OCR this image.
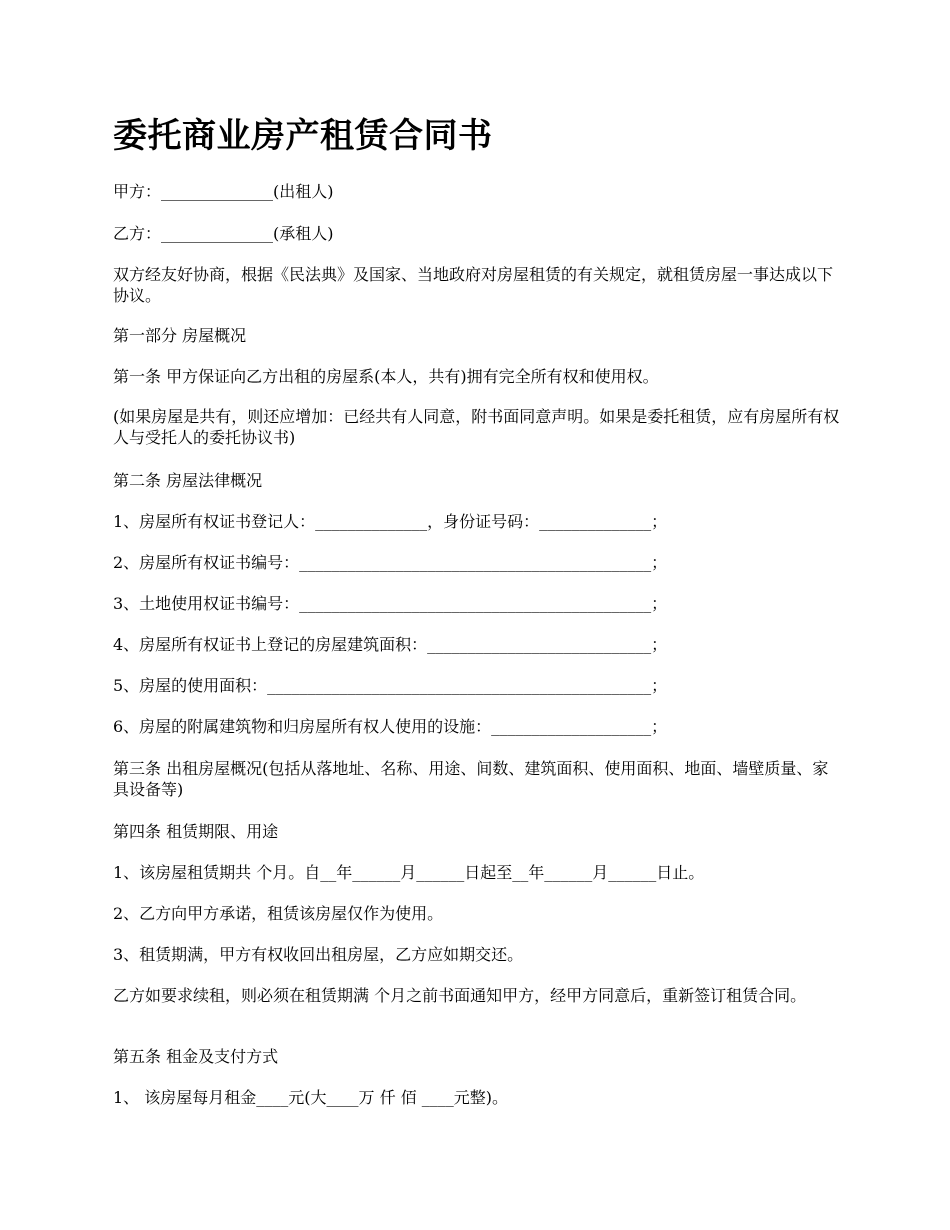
委托商业房产租赁合同书

甲方：______________(出租人)

乙方：______________(承租人)

双方经友好协商，根据《民法典》及国家、当地政府对房屋租赁的有关规定，就租赁房屋一事达成以下协议。

第一部分 房屋概况

第一条 甲方保证向乙方出租的房屋系(本人，共有)拥有完全所有权和使用权。

(如果房屋是共有，则还应增加：已经共有人同意，附书面同意声明。如果是委托租赁，应有房屋所有权人与受托人的委托协议书)

第二条 房屋法律概况

1、房屋所有权证书登记人：______________，身份证号码：______________；

2、房屋所有权证书编号：____________________________________________；

3、土地使用权证书编号：____________________________________________；

4、房屋所有权证书上登记的房屋建筑面积：____________________________；

5、房屋的使用面积：________________________________________________；

6、房屋的附属建筑物和归房屋所有权人使用的设施：____________________；

第三条 出租房屋概况(包括从落地址、名称、用途、间数、建筑面积、使用面积、地面、墙壁质量、家具设备等)

第四条 租赁期限、用途

1、该房屋租赁期共 个月。自__年______月______日起至__年______月______日止。

2、乙方向甲方承诺，租赁该房屋仅作为使用。

3、租赁期满，甲方有权收回出租房屋，乙方应如期交还。

乙方如要求续租，则必须在租赁期满 个月之前书面通知甲方，经甲方同意后，重新签订租赁合同。

第五条 租金及支付方式

1、 该房屋每月租金____元(大____万 仟 佰 ____元整)。
